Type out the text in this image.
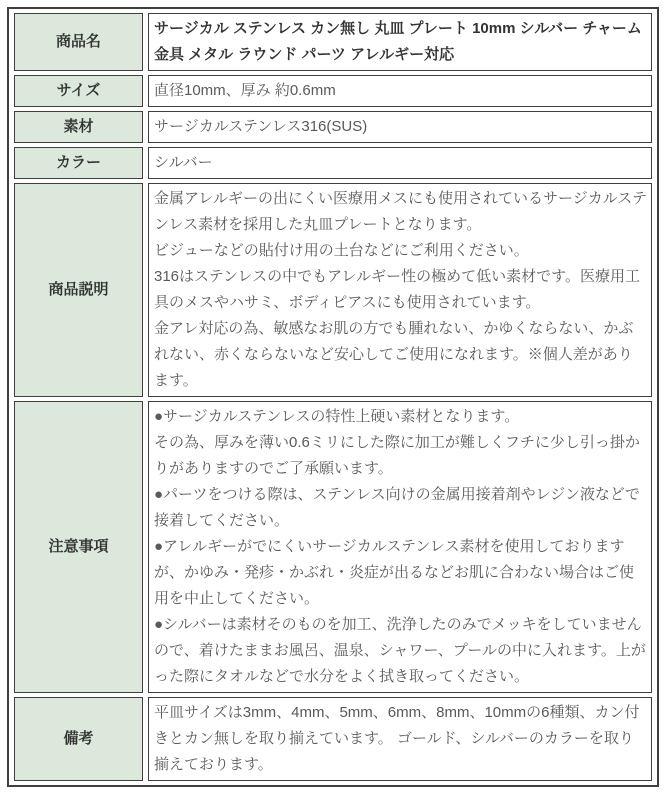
商品名	サージカル ステンレス カン無し 丸皿 プレート 10mm シルバー チャーム 金具 メタル ラウンド パーツ アレルギー対応

サイズ	直径10mm、厚み 約0.6mm

素材	サージカルステンレス316(SUS)

カラー	シルバー

商品説明	金属アレルギーの出にくい医療用メスにも使用されているサージカルステンレス素材を採用した丸皿プレートとなります。
ビジューなどの貼付け用の土台などにご利用ください。
316はステンレスの中でもアレルギー性の極めて低い素材です。医療用工具のメスやハサミ、ボディピアスにも使用されています。
金アレ対応の為、敏感なお肌の方でも腫れない、かゆくならない、かぶれない、赤くならないなど安心してご使用になれます。※個人差があります。

注意事項	●サージカルステンレスの特性上硬い素材となります。
その為、厚みを薄い0.6ミリにした際に加工が難しくフチに少し引っ掛かりがありますのでご了承願います。
●パーツをつける際は、ステンレス向けの金属用接着剤やレジン液などで接着してください。
●アレルギーがでにくいサージカルステンレス素材を使用しておりますが、かゆみ・発疹・かぶれ・炎症が出るなどお肌に合わない場合はご使用を中止してください。
●シルバーは素材そのものを加工、洗浄したのみでメッキをしていませんので、着けたままお風呂、温泉、シャワー、プールの中に入れます。上がった際にタオルなどで水分をよく拭き取ってください。

備考	平皿サイズは3mm、4mm、5mm、6mm、8mm、10mmの6種類、カン付きとカン無しを取り揃えています。 ゴールド、シルバーのカラーを取り揃えております。
